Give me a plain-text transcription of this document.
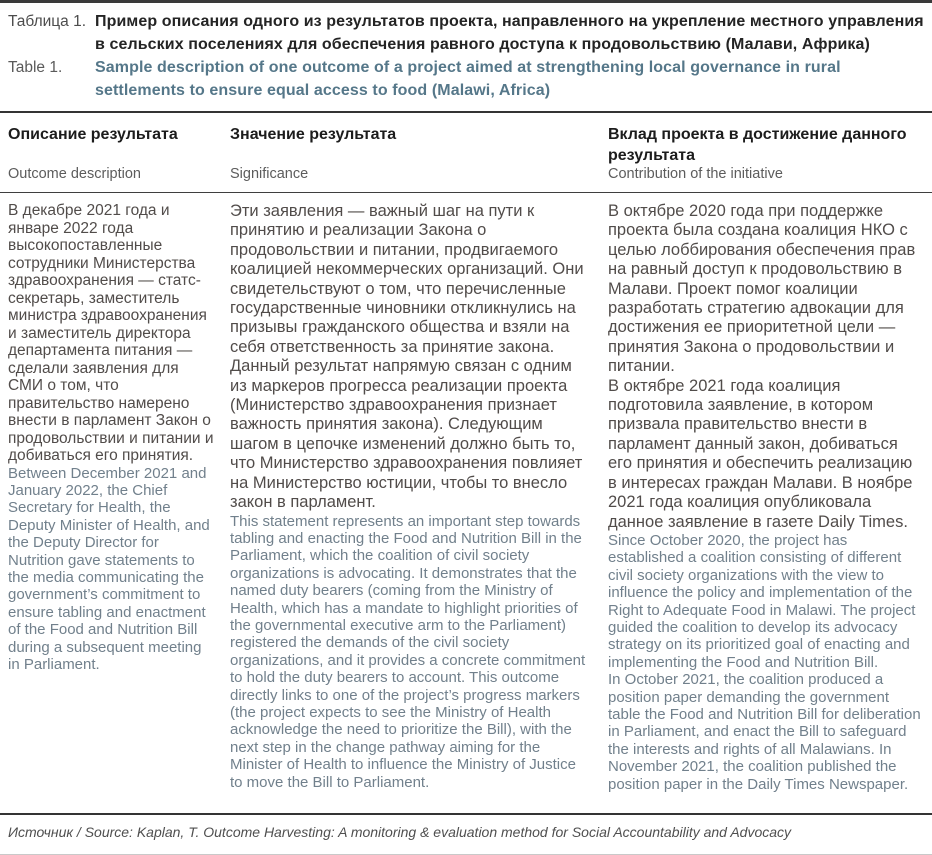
Таблица 1. Пример описания одного из результатов проекта, направленного на укрепление местного управления в сельских поселениях для обеспечения равного доступа к продовольствию (Малави, Африка)
Table 1.	Sample description of one outcome of a project aimed at strengthening local governance in rural settlements to ensure equal access to food (Malawi, Africa)
Описание результата
Outcome description
Значение результата
Significance
Вклад проекта в достижение данного результата
Contribution of the initiative

В декабре 2021 года и январе 2022 года высокопоставленные сотрудники Министерства здравоохранения — статс-секретарь, заместитель министра здравоохранения и заместитель директора департамента питания — сделали заявления для СМИ о том, что правительство намерено внести в парламент Закон о продовольствии и питании и добиваться его принятия.

Between December 2021 and January 2022, the Chief Secretary for Health, the Deputy Minister of Health, and the Deputy Director for Nutrition gave statements to the media communicating the government’s commitment to ensure tabling and enactment of the Food and Nutrition Bill during a subsequent meeting in Parliament.

Эти заявления — важный шаг на пути к принятию и реализации Закона о продовольствии и питании, продвигаемого коалицией некоммерческих организаций. Они свидетельствуют о том, что перечисленные государственные чиновники откликнулись на призывы гражданского общества и взяли на себя ответственность за принятие закона. Данный результат напрямую связан с одним из маркеров прогресса реализации проекта (Министерство здравоохранения признает важность принятия закона). Следующим шагом в цепочке изменений должно быть то, что Министерство здравоохранения повлияет на Министерство юстиции, чтобы то внесло закон в парламент.

This statement represents an important step towards tabling and enacting the Food and Nutrition Bill in the Parliament, which the coalition of civil society organizations is advocating. It demonstrates that the named duty bearers (coming from the Ministry of Health, which has a mandate to highlight priorities of the governmental executive arm to the Parliament) registered the demands of the civil society organizations, and it provides a concrete commitment to hold the duty bearers to account. This outcome directly links to one of the project’s progress markers (the project expects to see the Ministry of Health acknowledge the need to prioritize the Bill), with the next step in the change pathway aiming for the Minister of Health to influence the Ministry of Justice to move the Bill to Parliament.

В октябре 2020 года при поддержке проекта была создана коалиция НКО с целью лоббирования обеспечения прав на равный доступ к продовольствию в Малави. Проект помог коалиции разработать стратегию адвокации для достижения ее приоритетной цели — принятия Закона о продовольствии и питании.

В октябре 2021 года коалиция подготовила заявление, в котором призвала правительство внести в парламент данный закон, добиваться его принятия и обеспечить реализацию в интересах граждан Малави. В ноябре 2021 года коалиция опубликовала данное заявление в газете Daily Times.

Since October 2020, the project has established a coalition consisting of different civil society organizations with the view to influence the policy and implementation of the Right to Adequate Food in Malawi. The project guided the coalition to develop its advocacy strategy on its prioritized goal of enacting and implementing the Food and Nutrition Bill.

In October 2021, the coalition produced a position paper demanding the government table the Food and Nutrition Bill for deliberation in Parliament, and enact the Bill to safeguard the interests and rights of all Malawians. In November 2021, the coalition published the position paper in the Daily Times Newspaper.

Источник / Source: Kaplan, T. Outcome Harvesting: A monitoring & evaluation method for Social Accountability and Advocacy
